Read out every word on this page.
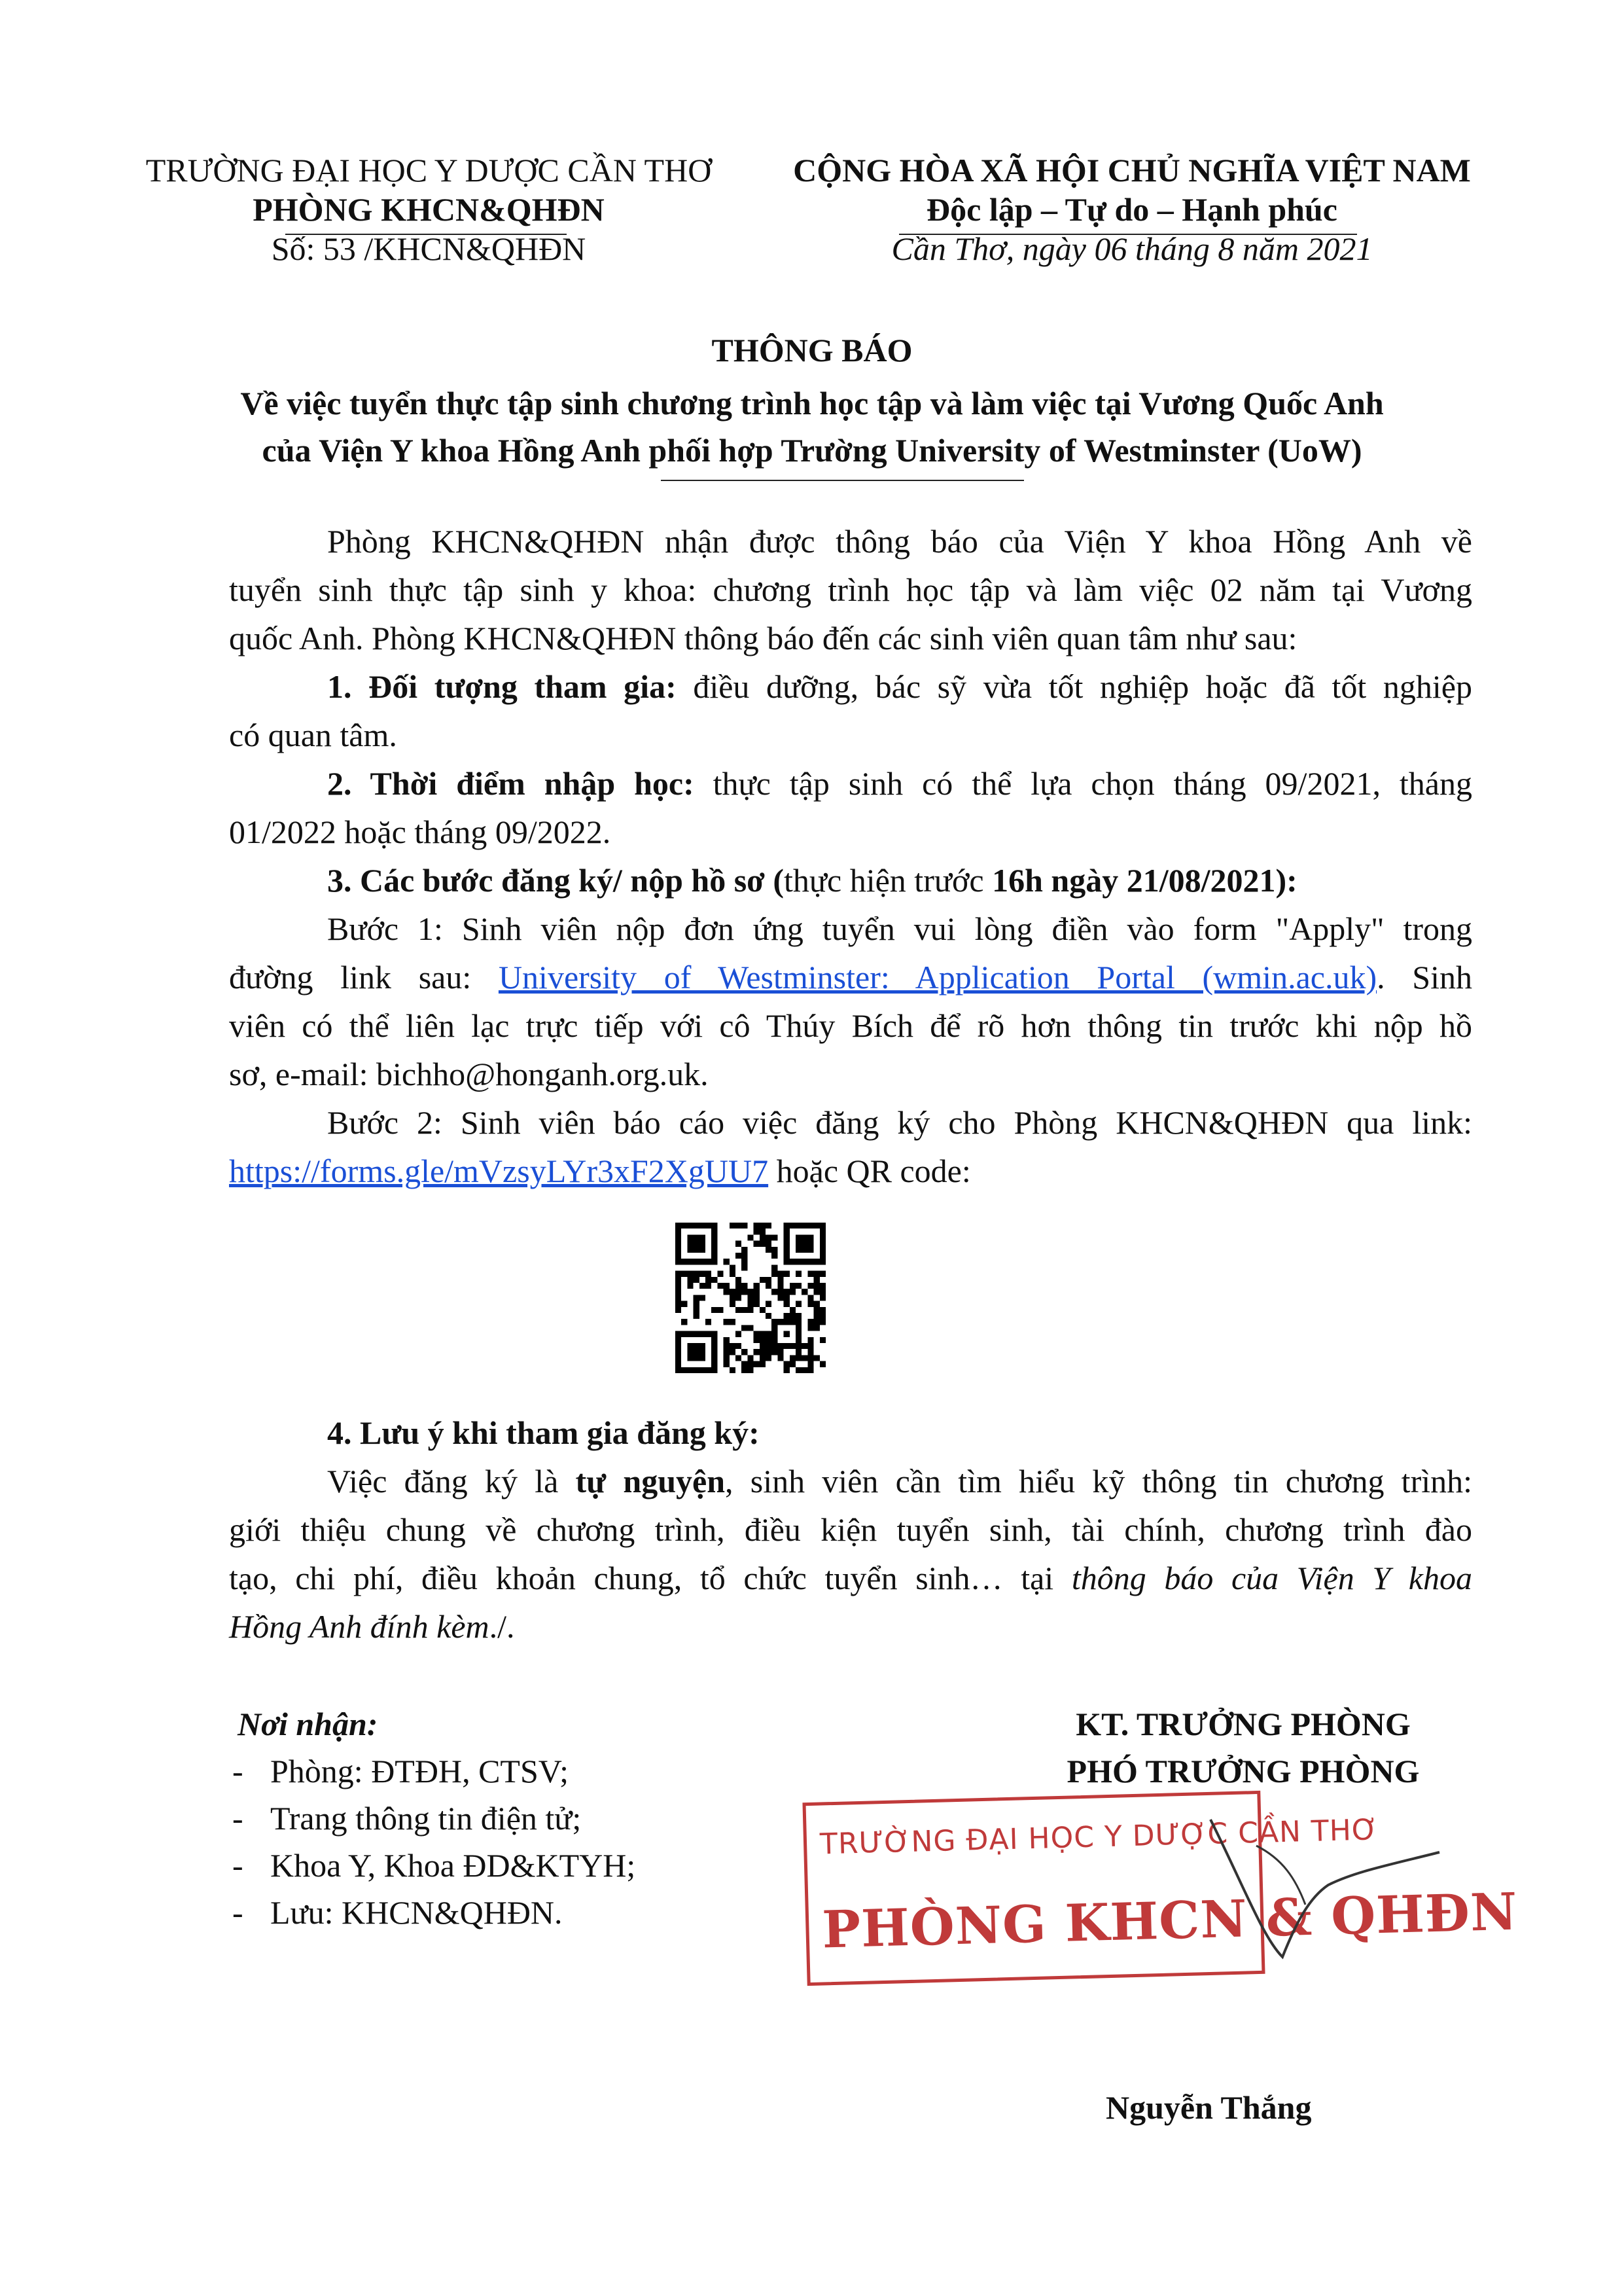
TRƯỜNG ĐẠI HỌC Y DƯỢC CẦN THƠ
PHÒNG KHCN&QHĐN
Số: 53 /KHCN&QHĐN
CỘNG HÒA XÃ HỘI CHỦ NGHĨA VIỆT NAM
Độc lập – Tự do – Hạnh phúc
Cần Thơ, ngày 06 tháng 8 năm 2021
THÔNG BÁO
Về việc tuyển thực tập sinh chương trình học tập và làm việc tại Vương Quốc Anh
của Viện Y khoa Hồng Anh phối hợp Trường University of Westminster (UoW)
Phòng KHCN&QHĐN nhận được thông báo của Viện Y khoa Hồng Anh về
tuyển sinh thực tập sinh y khoa: chương trình học tập và làm việc 02 năm tại Vương
quốc Anh. Phòng KHCN&QHĐN thông báo đến các sinh viên quan tâm như sau:
1. Đối tượng tham gia: điều dưỡng, bác sỹ vừa tốt nghiệp hoặc đã tốt nghiệp
có quan tâm.
2. Thời điểm nhập học: thực tập sinh có thể lựa chọn tháng 09/2021, tháng
01/2022 hoặc tháng 09/2022.
3. Các bước đăng ký/ nộp hồ sơ (thực hiện trước 16h ngày 21/08/2021):
Bước 1: Sinh viên nộp đơn ứng tuyển vui lòng điền vào form "Apply" trong
đường link sau: University of Westminster: Application Portal (wmin.ac.uk). Sinh
viên có thể liên lạc trực tiếp với cô Thúy Bích để rõ hơn thông tin trước khi nộp hồ
sơ, e-mail: bichho@honganh.org.uk.
Bước 2: Sinh viên báo cáo việc đăng ký cho Phòng KHCN&QHĐN qua link:
https://forms.gle/mVzsyLYr3xF2XgUU7 hoặc QR code:
4. Lưu ý khi tham gia đăng ký:
Việc đăng ký là tự nguyện, sinh viên cần tìm hiểu kỹ thông tin chương trình:
giới thiệu chung về chương trình, điều kiện tuyển sinh, tài chính, chương trình đào
tạo, chi phí, điều khoản chung, tổ chức tuyển sinh… tại thông báo của Viện Y khoa
Hồng Anh đính kèm./.
Nơi nhận:
- Phòng: ĐTĐH, CTSV;
- Trang thông tin điện tử;
- Khoa Y, Khoa ĐD&KTYH;
- Lưu: KHCN&QHĐN.
KT. TRƯỞNG PHÒNG
PHÓ TRƯỞNG PHÒNG
TRƯỜNG ĐẠI HỌC Y DƯỢC CẦN THƠ
PHÒNG KHCN & QHĐN
Nguyễn Thắng
